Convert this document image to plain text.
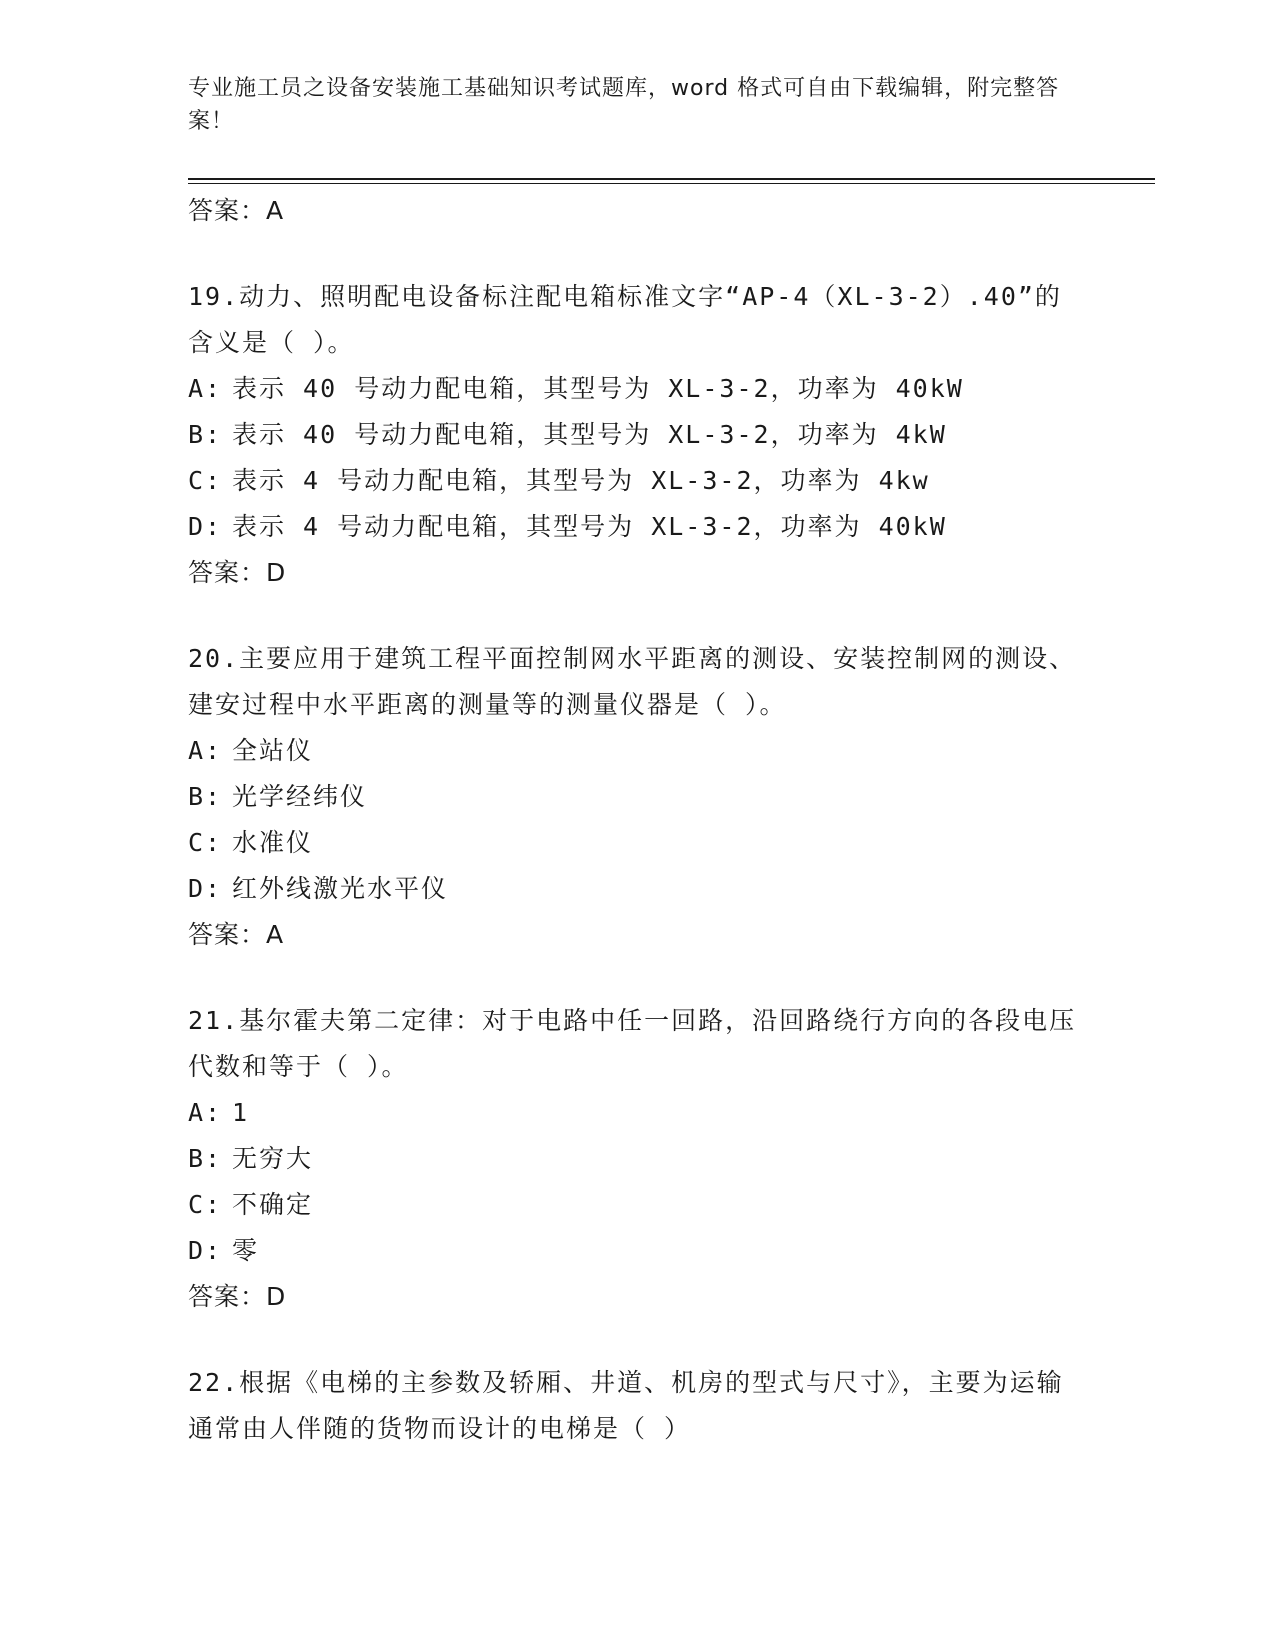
专业施工员之设备安装施工基础知识考试题库，word 格式可自由下载编辑，附完整答案！

答案：A

19.动力、照明配电设备标注配电箱标准文字“AP-4（XL-3-2）.40”的含义是（ ）。

A: 表示 40 号动力配电箱，其型号为 XL-3-2，功率为 40kW

B: 表示 40 号动力配电箱，其型号为 XL-3-2，功率为 4kW

C: 表示 4 号动力配电箱，其型号为 XL-3-2，功率为 4kw

D: 表示 4 号动力配电箱，其型号为 XL-3-2，功率为 40kW

答案：D

20.主要应用于建筑工程平面控制网水平距离的测设、安装控制网的测设、建安过程中水平距离的测量等的测量仪器是（ ）。

A: 全站仪

B: 光学经纬仪

C: 水准仪

D: 红外线激光水平仪

答案：A

21.基尔霍夫第二定律：对于电路中任一回路，沿回路绕行方向的各段电压代数和等于（ ）。

A: 1

B: 无穷大

C: 不确定

D: 零

答案：D

22.根据《电梯的主参数及轿厢、井道、机房的型式与尺寸》，主要为运输通常由人伴随的货物而设计的电梯是（ ）
